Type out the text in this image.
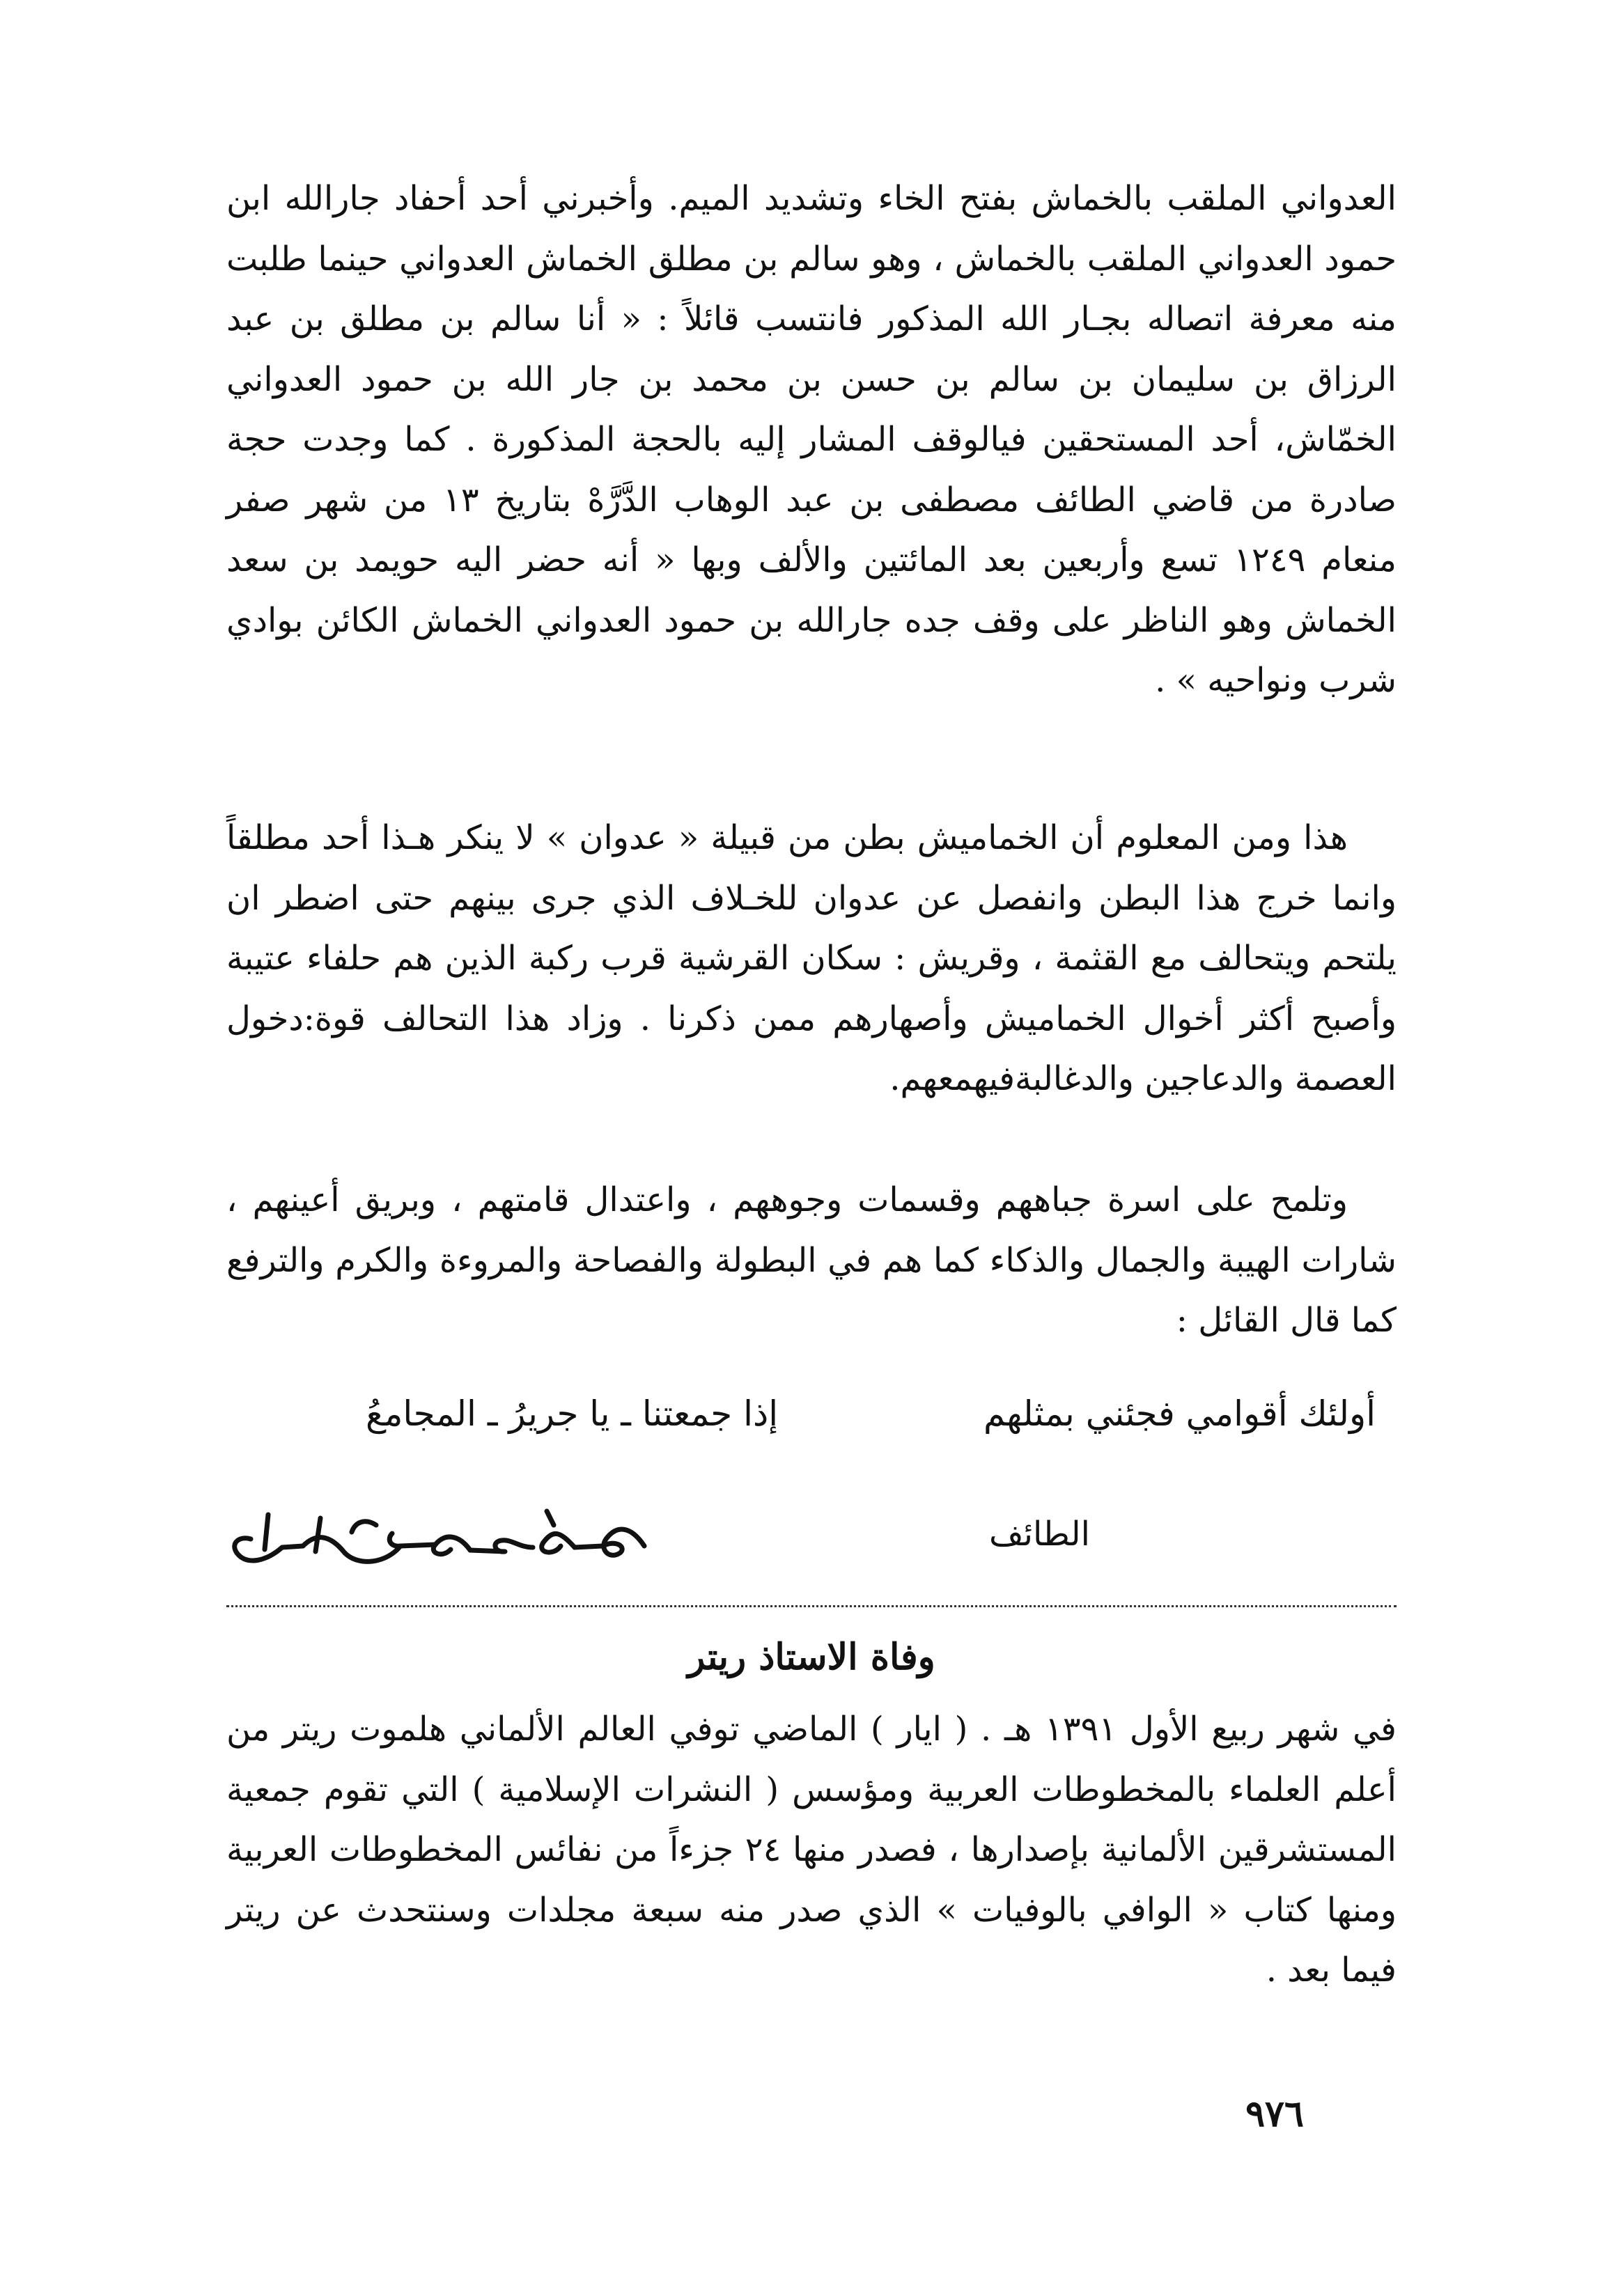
العدواني الملقب بالخماش بفتح الخاء وتشديد الميم. وأخبرني أحد أحفاد جارالله ابن حمود العدواني الملقب بالخماش ، وهو سالم بن مطلق الخماش العدواني حينما طلبت منه معرفة اتصاله بجـار الله المذكور فانتسب قائلاً : « أنا سالم بن مطلق بن عبد الرزاق بن سليمان بن سالم بن حسن بن محمد بن جار الله بن حمود العدواني الخمّاش، أحد المستحقين فيالوقف المشار إليه بالحجة المذكورة . كما وجدت حجة صادرة من قاضي الطائف مصطفى بن عبد الوهاب الدَّرَّهْ بتاريخ ١٣ من شهر صفر منعام ١٢٤٩ تسع وأربعين بعد المائتين والألف وبها « أنه حضر اليه حويمد بن سعد الخماش وهو الناظر على وقف جده جارالله بن حمود العدواني الخماش الكائن بوادي شرب ونواحيه » .

هذا ومن المعلوم أن الخماميش بطن من قبيلة « عدوان » لا ينكر هـذا أحد مطلقاً وانما خرج هذا البطن وانفصل عن عدوان للخـلاف الذي جرى بينهم حتى اضطر ان يلتحم ويتحالف مع القثمة ، وقريش : سكان القرشية قرب ركبة الذين هم حلفاء عتيبة وأصبح أكثر أخوال الخماميش وأصهارهم ممن ذكرنا . وزاد هذا التحالف قوة:دخول العصمة والدعاجين والدغالبةفيهمعهم.

وتلمح على اسرة جباههم وقسمات وجوههم ، واعتدال قامتهم ، وبريق أعينهم ، شارات الهيبة والجمال والذكاء كما هم في البطولة والفصاحة والمروءة والكرم والترفع كما قال القائل :

أولئك أقوامي فجئني بمثلهم
إذا جمعتنا ـ يا جريرُ ـ المجامعُ
الطائف
وفاة الاستاذ ريتر

في شهر ربيع الأول ١٣٩١ هـ . ( ايار ) الماضي توفي العالم الألماني هلموت ريتر من أعلم العلماء بالمخطوطات العربية ومؤسس ( النشرات الإسلامية ) التي تقوم جمعية المستشرقين الألمانية بإصدارها ، فصدر منها ٢٤ جزءاً من نفائس المخطوطات العربية ومنها كتاب « الوافي بالوفيات » الذي صدر منه سبعة مجلدات وسنتحدث عن ريتر فيما بعد .

٩٧٦
